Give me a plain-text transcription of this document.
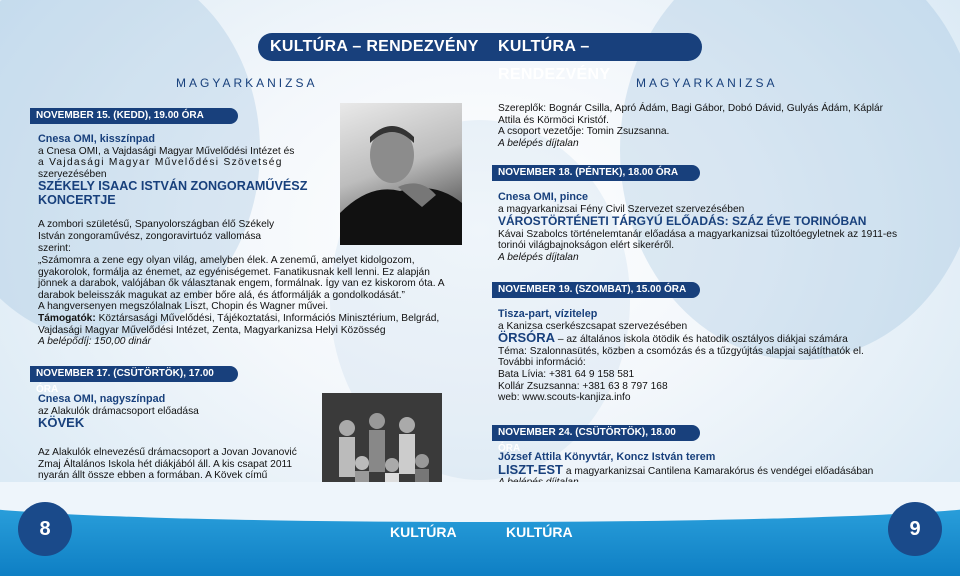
KULTÚRA – RENDEZVÉNY	KULTÚRA – RENDEZVÉNY
MAGYARKANIZSA	MAGYARKANIZSA
NOVEMBER 15. (KEDD), 19.00 ÓRA
Cnesa OMI, kisszínpad
a Cnesa OMI, a Vajdasági Magyar Művelődési Intézet és
a Vajdasági Magyar Művelődési Szövetség
szervezésében
SZÉKELY ISAAC ISTVÁN ZONGORAMŰVÉSZ
KONCERTJE
A zombori születésű, Spanyolországban élő Székely
István zongoraművész, zongoravirtuóz vallomása
szerint:
„Számomra a zene egy olyan világ, amelyben élek. A zenemű, amelyet kidolgozom,
gyakorolok, formálja az énemet, az egyéniségemet. Fanatikusnak kell lenni. Ez alapján
jönnek a darabok, valójában ők választanak engem, formálnak. Így van ez kiskorom óta. A
darabok beleisszák magukat az ember bőre alá, és átformálják a gondolkodását.”
A hangversenyen megszólalnak Liszt, Chopin és Wagner művei.
Támogatók: Köztársasági Művelődési, Tájékoztatási, Információs Minisztérium, Belgrád,
Vajdasági Magyar Művelődési Intézet, Zenta, Magyarkanizsa Helyi Közösség
A belépődíj: 150,00 dinár
NOVEMBER 17. (CSÜTÖRTÖK), 17.00 ÓRA
Cnesa OMI, nagyszínpad
az Alakulók drámacsoport előadása
KÖVEK
Az Alakulók elnevezésű drámacsoport a Jovan Jovanović
Zmaj Általános Iskola hét diákjából áll. A kis csapat 2011
nyarán állt össze ebben a formában. A Kövek című
Szereplők: Bognár Csilla, Apró Ádám, Bagi Gábor, Dobó Dávid, Gulyás Ádám, Káplár
Attila és Körmöci Kristóf.
A csoport vezetője: Tomin Zsuzsanna.
A belépés díjtalan
NOVEMBER 18. (PÉNTEK), 18.00 ÓRA
Cnesa OMI, pince
a magyarkanizsai Fény Civil Szervezet szervezésében
VÁROSTÖRTÉNETI TÁRGYÚ ELŐADÁS: SZÁZ ÉVE TORINÓBAN
Kávai Szabolcs történelemtanár előadása a magyarkanizsai tűzoltóegyletnek az 1911-es
torinói világbajnokságon elért sikeréről.
A belépés díjtalan
NOVEMBER 19. (SZOMBAT), 15.00 ÓRA
Tisza-part, vízitelep
a Kanizsa cserkészcsapat szervezésében
ÖRSÓRA – az általános iskola ötödik és hatodik osztályos diákjai számára
Téma: Szalonnasütés, közben a csomózás és a tűzgyújtás alapjai sajátíthatók el.
További információ:
Bata Lívia: +381 64 9 158 581
Kollár Zsuzsanna: +381 63 8 797 168
web: www.scouts-kanjiza.info
NOVEMBER 24. (CSÜTÖRTÖK), 18.00 ÓRA
József Attila Könyvtár, Koncz István terem
LISZT-EST a magyarkanizsai Cantilena Kamarakórus és vendégei előadásában
8	9
KULTÚRA	KULTÚRA
